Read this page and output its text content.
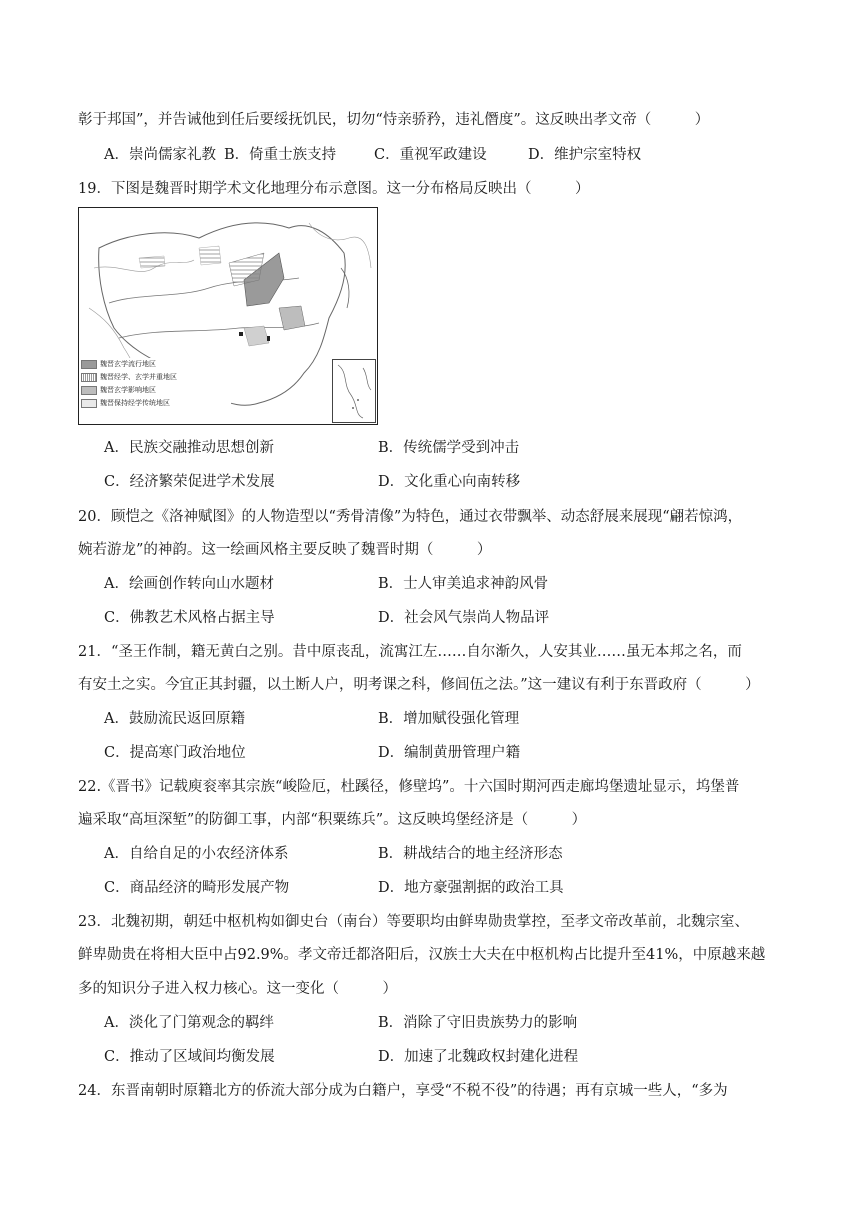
彰于邦国”，并告诫他到任后要绥抚饥民，切勿“恃亲骄矜，违礼僭度”。这反映出孝文帝（　　　）
A．崇尚儒家礼教 B．倚重士族支持	C．重视军政建设	D．维护宗室特权
19．下图是魏晋时期学术文化地理分布示意图。这一分布格局反映出（　　　）
魏晋玄学流行地区
魏晋经学、玄学并重地区
魏晋玄学影响地区
魏晋保持经学传统地区
A．民族交融推动思想创新	B．传统儒学受到冲击
C．经济繁荣促进学术发展	D．文化重心向南转移
20．顾恺之《洛神赋图》的人物造型以“秀骨清像”为特色，通过衣带飘举、动态舒展来展现“翩若惊鸿，
婉若游龙”的神韵。这一绘画风格主要反映了魏晋时期（　　　）
A．绘画创作转向山水题材	B．士人审美追求神韵风骨
C．佛教艺术风格占据主导	D．社会风气崇尚人物品评
21．“圣王作制，籍无黄白之别。昔中原丧乱，流寓江左……自尔渐久，人安其业……虽无本邦之名，而
有安土之实。今宜正其封疆，以土断人户，明考课之科，修闾伍之法。”这一建议有利于东晋政府（　　　）
A．鼓励流民返回原籍	B．增加赋役强化管理
C．提高寒门政治地位	D．编制黄册管理户籍
22.《晋书》记载庾衮率其宗族“峻险厄，杜蹊径，修壁坞”。十六国时期河西走廊坞堡遗址显示，坞堡普
遍采取“高垣深堑”的防御工事，内部“积粟练兵”。这反映坞堡经济是（　　　）
A．自给自足的小农经济体系	B．耕战结合的地主经济形态
C．商品经济的畸形发展产物	D．地方豪强割据的政治工具
23．北魏初期，朝廷中枢机构如御史台（南台）等要职均由鲜卑勋贵掌控，至孝文帝改革前，北魏宗室、
鲜卑勋贵在将相大臣中占92.9%。孝文帝迁都洛阳后，汉族士大夫在中枢机构占比提升至41%，中原越来越
多的知识分子进入权力核心。这一变化（　　　）
A．淡化了门第观念的羁绊	B．消除了守旧贵族势力的影响
C．推动了区域间均衡发展	D．加速了北魏政权封建化进程
24．东晋南朝时原籍北方的侨流大部分成为白籍户，享受“不税不役”的待遇；再有京城一些人，“多为
